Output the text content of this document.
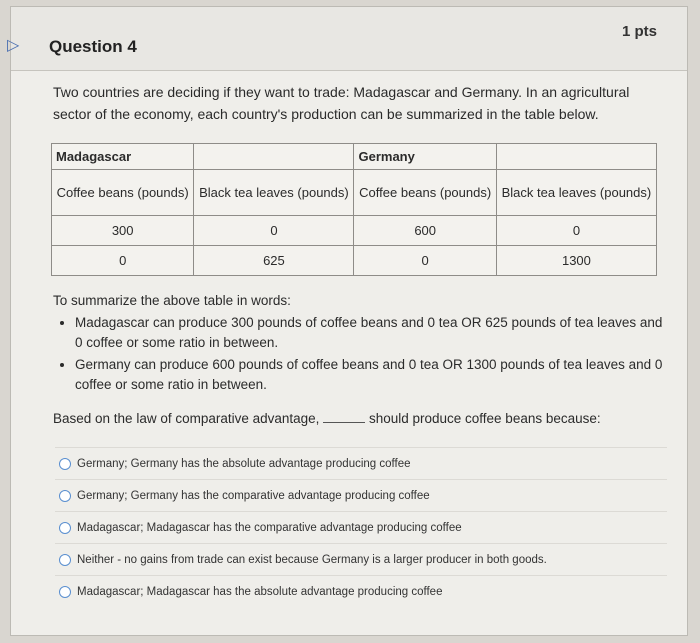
▷	Question 4
1 pts
Two countries are deciding if they want to trade: Madagascar and Germany. In an agricultural sector of the economy, each country's production can be summarized in the table below.
Madagascar		Germany	
Coffee beans (pounds)	Black tea leaves (pounds)	Coffee beans (pounds)	Black tea leaves (pounds)
300	0	600	0
0	625	0	1300
To summarize the above table in words:
• Madagascar can produce 300 pounds of coffee beans and 0 tea OR 625 pounds of tea leaves and 0 coffee or some ratio in between.
• Germany can produce 600 pounds of coffee beans and 0 tea OR 1300 pounds of tea leaves and 0 coffee or some ratio in between.
Based on the law of comparative advantage,	should produce coffee beans because:
Germany; Germany has the absolute advantage producing coffee
Germany; Germany has the comparative advantage producing coffee
Madagascar; Madagascar has the comparative advantage producing coffee
Neither - no gains from trade can exist because Germany is a larger producer in both goods.
Madagascar; Madagascar has the absolute advantage producing coffee
